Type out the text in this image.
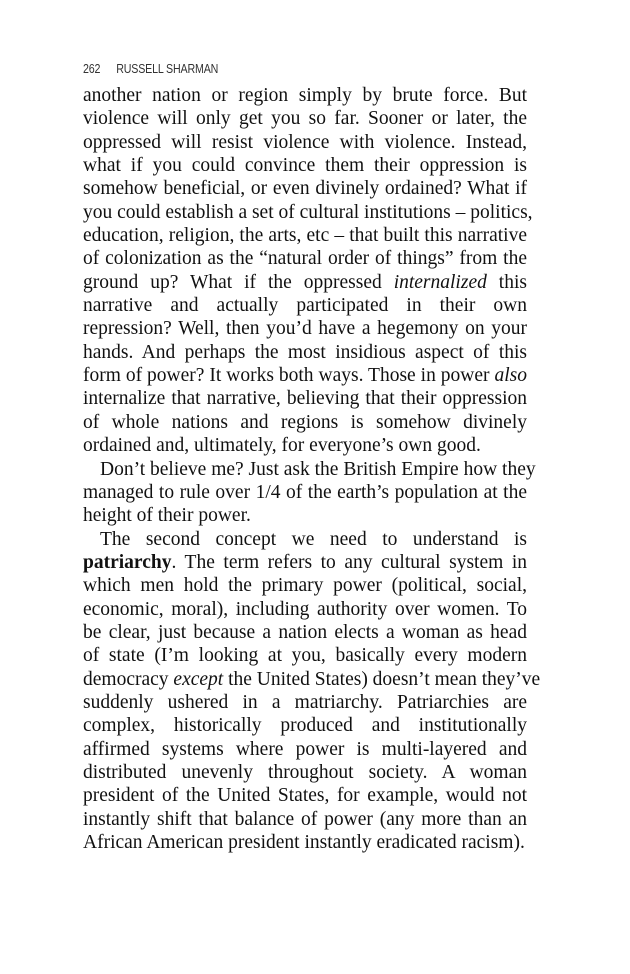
262 RUSSELL SHARMAN
another nation or region simply by brute force. But
violence will only get you so far. Sooner or later, the
oppressed will resist violence with violence. Instead,
what if you could convince them their oppression is
somehow beneficial, or even divinely ordained? What if
you could establish a set of cultural institutions – politics,
education, religion, the arts, etc – that built this narrative
of colonization as the “natural order of things” from the
ground up? What if the oppressed internalized this
narrative and actually participated in their own
repression? Well, then you’d have a hegemony on your
hands. And perhaps the most insidious aspect of this
form of power? It works both ways. Those in power also
internalize that narrative, believing that their oppression
of whole nations and regions is somehow divinely
ordained and, ultimately, for everyone’s own good.
Don’t believe me? Just ask the British Empire how they
managed to rule over 1/4 of the earth’s population at the
height of their power.
The second concept we need to understand is
patriarchy. The term refers to any cultural system in
which men hold the primary power (political, social,
economic, moral), including authority over women. To
be clear, just because a nation elects a woman as head
of state (I’m looking at you, basically every modern
democracy except the United States) doesn’t mean they’ve
suddenly ushered in a matriarchy. Patriarchies are
complex, historically produced and institutionally
affirmed systems where power is multi-layered and
distributed unevenly throughout society. A woman
president of the United States, for example, would not
instantly shift that balance of power (any more than an
African American president instantly eradicated racism).
